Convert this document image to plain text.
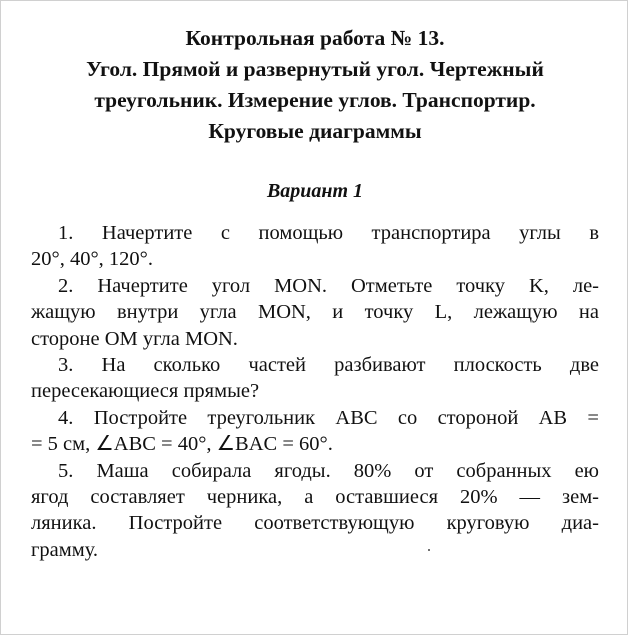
Контрольная работа № 13.
Угол. Прямой и развернутый угол. Чертежный
треугольник. Измерение углов. Транспортир.
Круговые диаграммы
Вариант 1
1. Начертите с помощью транспортира углы в
20°, 40°, 120°.
2. Начертите угол MON. Отметьте точку K, ле-
жащую внутри угла MON, и точку L, лежащую на
стороне OM угла MON.
3. На сколько частей разбивают плоскость две
пересекающиеся прямые?
4. Постройте треугольник ABC со стороной AB =
= 5 см, ∠ABC = 40°, ∠BAC = 60°.
5. Маша собирала ягоды. 80% от собранных ею
ягод составляет черника, а оставшиеся 20% — зем-
ляника. Постройте соответствующую круговую диа-
грамму.
